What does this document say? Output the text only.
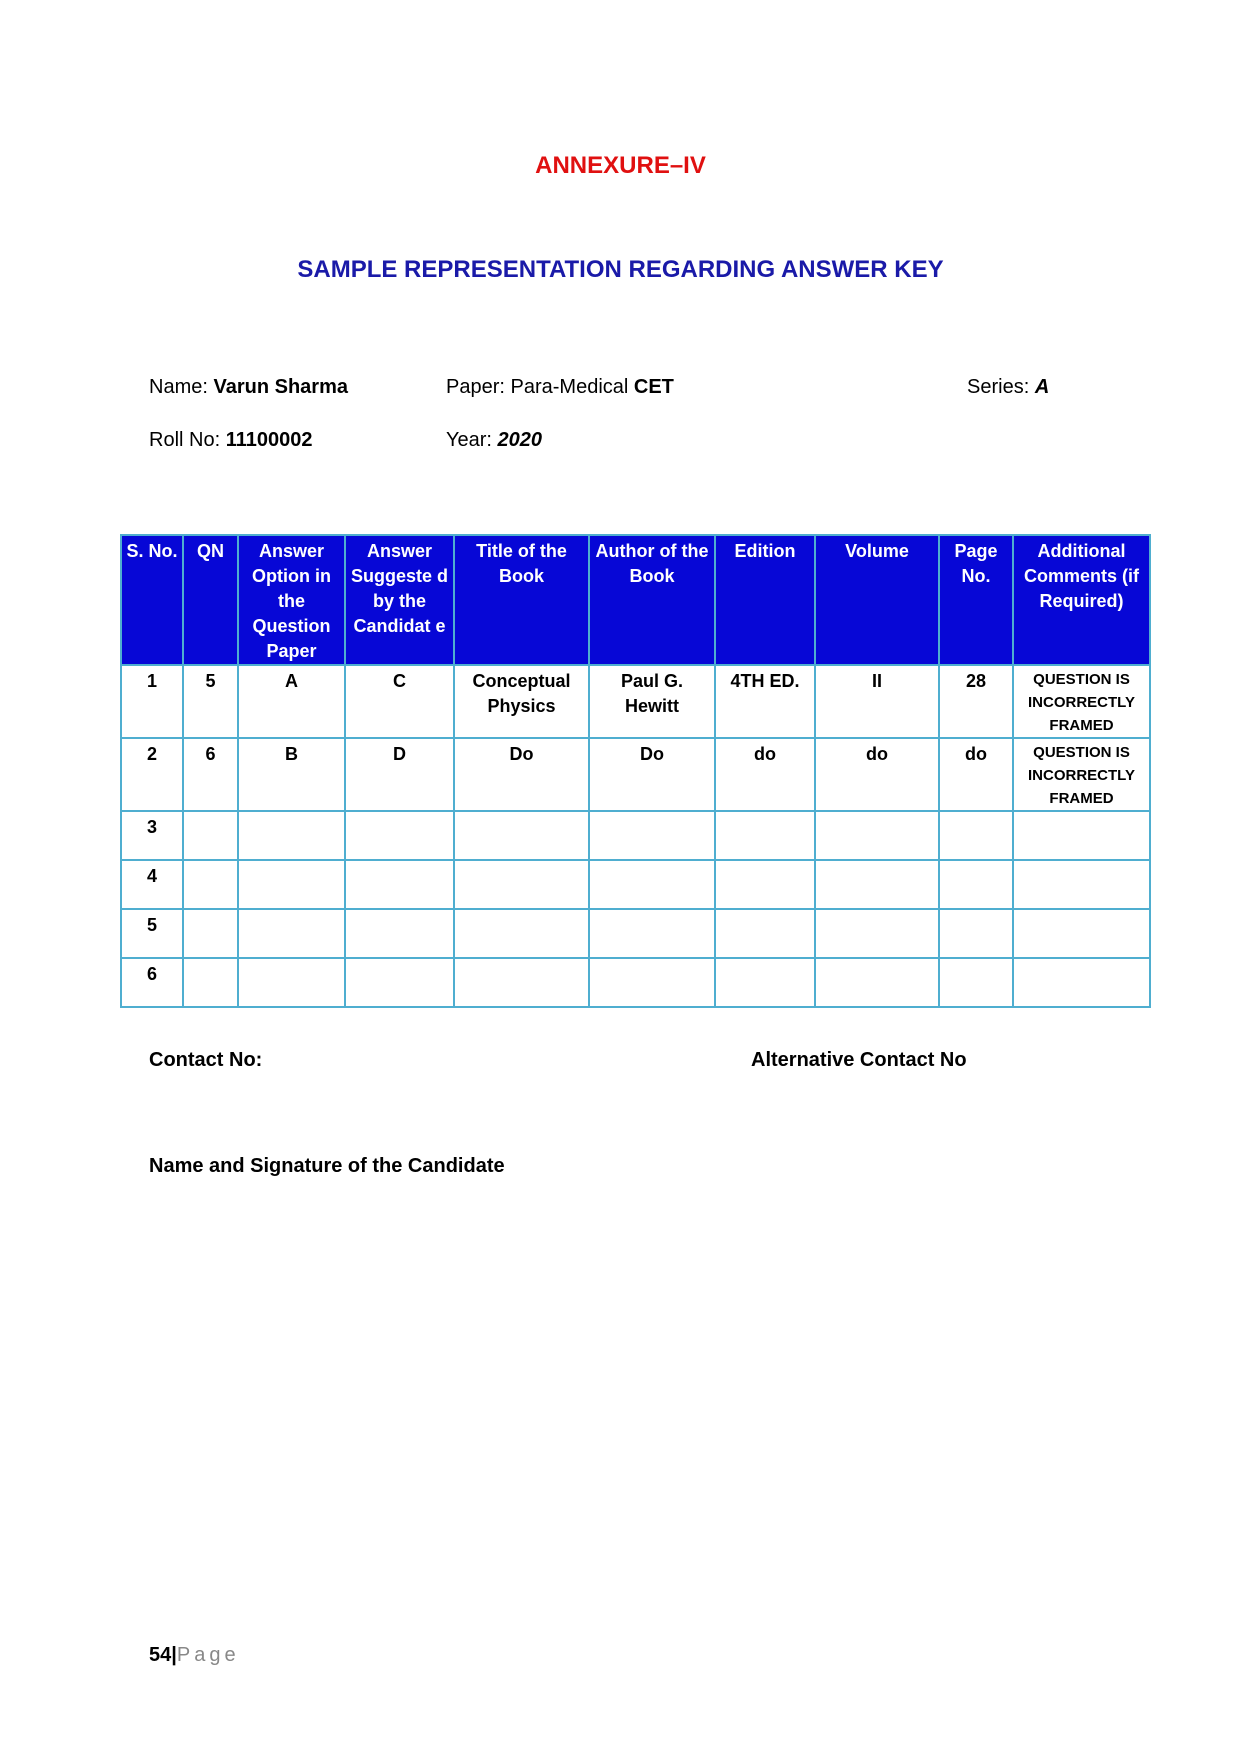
ANNEXURE–IV
SAMPLE REPRESENTATION REGARDING ANSWER KEY
Name: Varun Sharma	Paper: Para-Medical CET	Series: A
Roll No: 11100002	Year: 2020
S. No.	QN	Answer Option in the Question Paper	Answer Suggeste d by the Candidat e	Title of the Book	Author of the Book	Edition	Volume	Page No.	Additional Comments (if Required)
1	5	A	C	Conceptual Physics	Paul G. Hewitt	4TH ED.	II	28	QUESTION IS INCORRECTLY FRAMED
2	6	B	D	Do	Do	do	do	do	QUESTION IS INCORRECTLY FRAMED
3									
4									
5									
6									
Contact No:	Alternative Contact No
Name and Signature of the Candidate
54|Page
